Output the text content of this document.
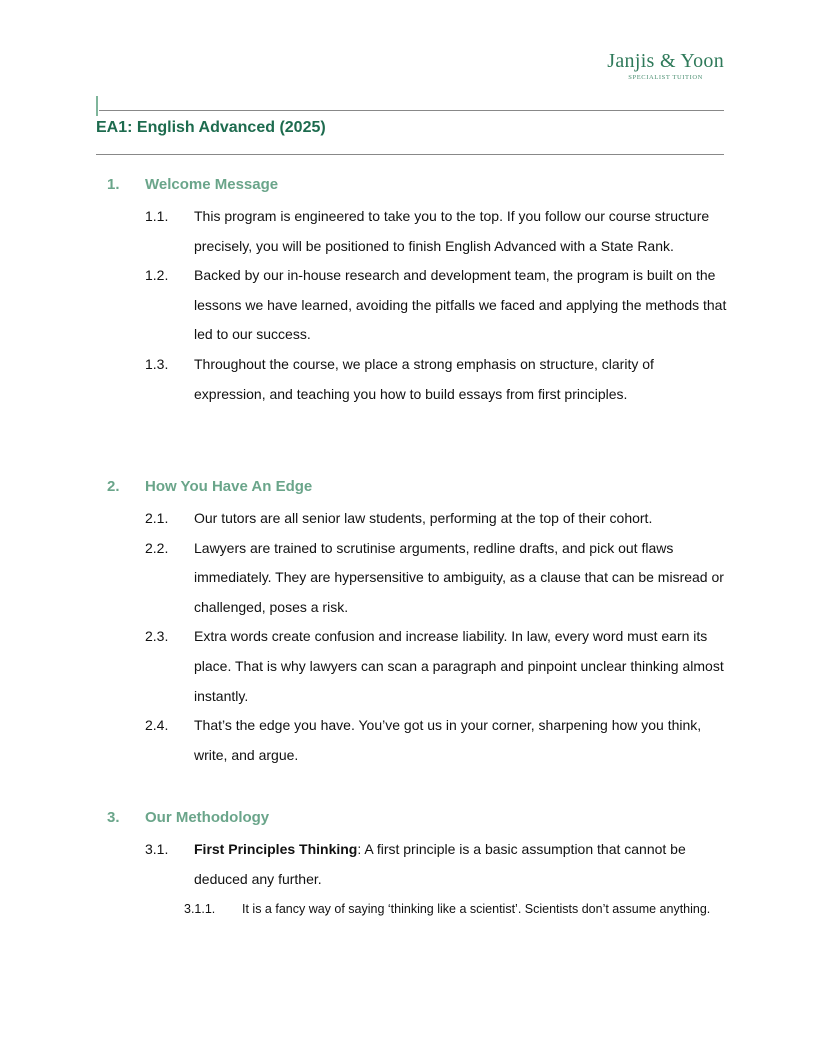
Janjis & Yoon
SPECIALIST TUITION
EA1: English Advanced (2025)
1. Welcome Message
1.1. This program is engineered to take you to the top. If you follow our course structure precisely, you will be positioned to finish English Advanced with a State Rank.
1.2. Backed by our in-house research and development team, the program is built on the lessons we have learned, avoiding the pitfalls we faced and applying the methods that led to our success.
1.3. Throughout the course, we place a strong emphasis on structure, clarity of expression, and teaching you how to build essays from first principles.
2. How You Have An Edge
2.1. Our tutors are all senior law students, performing at the top of their cohort.
2.2. Lawyers are trained to scrutinise arguments, redline drafts, and pick out flaws immediately. They are hypersensitive to ambiguity, as a clause that can be misread or challenged, poses a risk.
2.3. Extra words create confusion and increase liability. In law, every word must earn its place. That is why lawyers can scan a paragraph and pinpoint unclear thinking almost instantly.
2.4. That’s the edge you have. You’ve got us in your corner, sharpening how you think, write, and argue.
3. Our Methodology
3.1. First Principles Thinking: A first principle is a basic assumption that cannot be deduced any further.
3.1.1. It is a fancy way of saying ‘thinking like a scientist’. Scientists don’t assume anything.
